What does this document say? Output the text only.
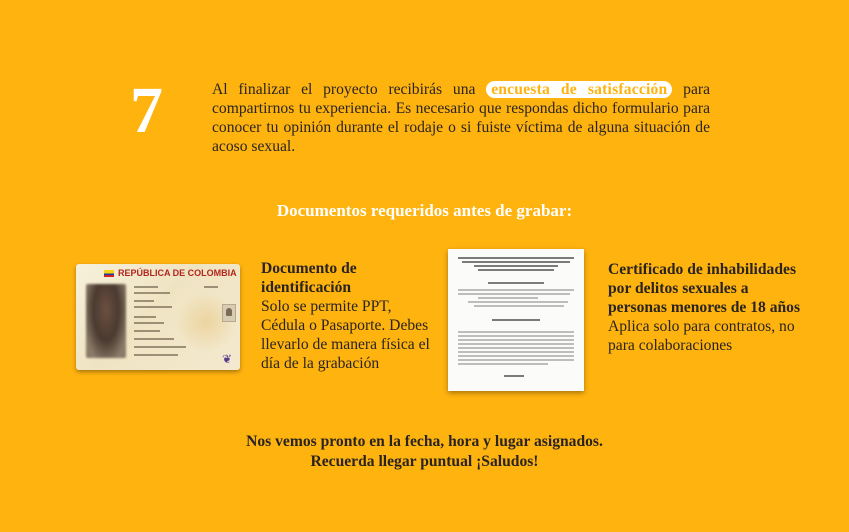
7	Al finalizar el proyecto recibirás una encuesta de satisfacción para compartirnos tu experiencia. Es necesario que respondas dicho formulario para conocer tu opinión durante el rodaje o si fuiste víctima de alguna situación de acoso sexual.
Documentos requeridos antes de grabar:
REPÚBLICA DE COLOMBIA
❦
Documento de identificación
Solo se permite PPT, Cédula o Pasaporte. Debes llevarlo de manera física el día de la grabación
Certificado de inhabilidades por delitos sexuales a personas menores de 18 años
Aplica solo para contratos, no para colaboraciones
Nos vemos pronto en la fecha, hora y lugar asignados.
Recuerda llegar puntual ¡Saludos!
